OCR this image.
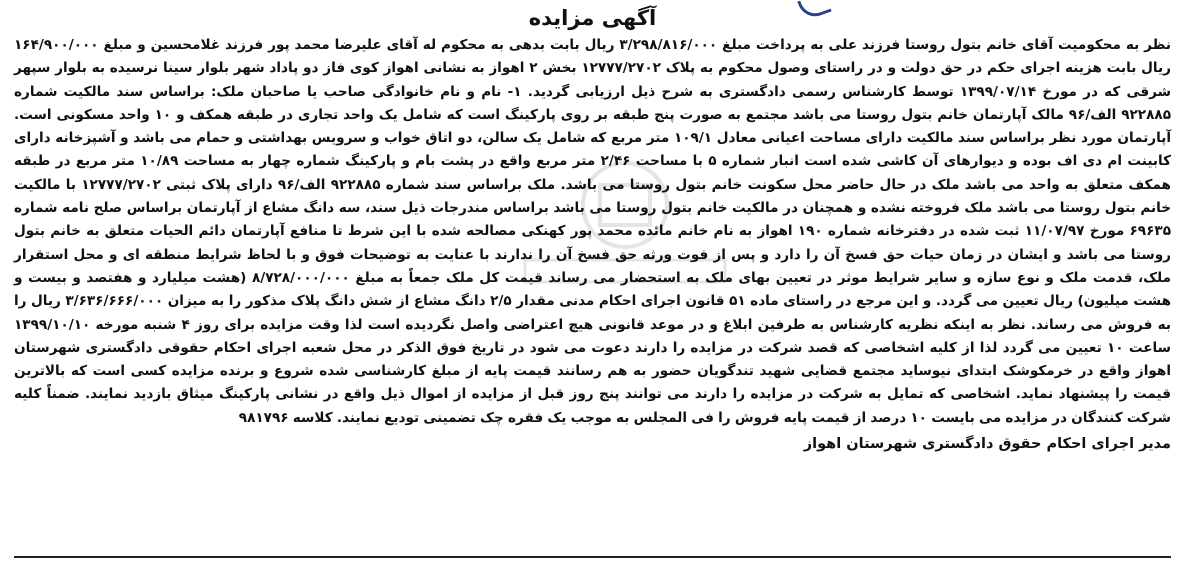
آگهی مزایده
نظر به محکومیت آقای خانم بتول روستا فرزند علی به پرداخت مبلغ ۳/۲۹۸/۸۱۶/۰۰۰ ریال بابت بدهی به محکوم له آقای علیرضا محمد پور فرزند غلامحسین و مبلغ ۱۶۴/۹۰۰/۰۰۰ ریال بابت هزینه اجرای حکم در حق دولت و در راستای وصول محکوم به پلاک ۱۲۷۷۷/۲۷۰۲ بخش ۲ اهواز به نشانی اهواز کوی فاز دو پاداد شهر بلوار سینا نرسیده به بلوار سپهر شرقی که در مورخ ۱۳۹۹/۰۷/۱۴ توسط کارشناس رسمی دادگستری به شرح ذیل ارزیابی گردید. ۱- نام و نام خانوادگی صاحب یا صاحبان ملک: براساس سند مالکیت شماره ۹۲۲۸۸۵ الف/۹۶ مالک آپارتمان خانم بتول روستا می باشد مجتمع به صورت پنج طبقه بر روی پارکینگ است که شامل یک واحد تجاری در طبقه همکف و ۱۰ واحد مسکونی است. آپارتمان مورد نظر براساس سند مالکیت دارای مساحت اعیانی معادل ۱۰۹/۱ متر مربع که شامل یک سالن، دو اتاق خواب و سرویس بهداشتی و حمام می باشد و آشپزخانه دارای کابینت ام دی اف بوده و دیوارهای آن کاشی شده است انبار شماره ۵ با مساحت ۲/۴۶ متر مربع واقع در پشت بام و پارکینگ شماره چهار به مساحت ۱۰/۸۹ متر مربع در طبقه همکف متعلق به واحد می باشد ملک در حال حاضر محل سکونت خانم بتول روستا می باشد. ملک براساس سند شماره ۹۲۲۸۸۵ الف/۹۶ دارای پلاک ثبتی ۱۲۷۷۷/۲۷۰۲ با مالکیت خانم بتول روستا می باشد ملک فروخته نشده و همچنان در مالکیت خانم بتول روستا می باشد براساس مندرجات ذیل سند، سه دانگ مشاع از آپارتمان براساس صلح نامه شماره ۶۹۶۳۵ مورخ ۱۱/۰۷/۹۷ ثبت شده در دفترخانه شماره ۱۹۰ اهواز به نام خانم مائده محمد پور کهنکی مصالحه شده با این شرط تا منافع آپارتمان دائم الحیات متعلق به خانم بتول روستا می باشد و ایشان در زمان حیات حق فسخ آن را دارد و پس از فوت ورثه حق فسخ آن را ندارند با عنایت به توضیحات فوق و با لحاظ شرایط منطقه ای و محل استقرار ملک، قدمت ملک و نوع سازه و سایر شرایط موثر در تعیین بهای ملک به استحضار می رساند قیمت کل ملک جمعاً به مبلغ ۸/۷۲۸/۰۰۰/۰۰۰ (هشت میلیارد و هفتصد و بیست و هشت میلیون) ریال تعیین می گردد. و این مرجع در راستای ماده ۵۱ قانون اجرای احکام مدنی مقدار ۲/۵ دانگ مشاع از شش دانگ پلاک مذکور را به میزان ۳/۶۳۶/۶۶۶/۰۰۰ ریال را به فروش می رساند. نظر به اینکه نظریه کارشناس به طرفین ابلاغ و در موعد قانونی هیچ اعتراضی واصل نگردیده است لذا وقت مزایده برای روز ۴ شنبه مورخه ۱۳۹۹/۱۰/۱۰ ساعت ۱۰ تعیین می گردد لذا از کلیه اشخاصی که قصد شرکت در مزایده را دارند دعوت می شود در تاریخ فوق الذکر در محل شعبه اجرای احکام حقوقی دادگستری شهرستان اهواز واقع در خرمکوشک ابتدای نیوساید مجتمع قضایی شهید تندگویان حضور به هم رسانند قیمت پایه از مبلغ کارشناسی شده شروع و برنده مزایده کسی است که بالاترین قیمت را پیشنهاد نماید. اشخاصی که تمایل به شرکت در مزایده را دارند می توانند پنج روز قبل از مزایده از اموال ذیل واقع در نشانی پارکینگ میثاق بازدید نمایند. ضمناً کلیه شرکت کنندگان در مزایده می بایست ۱۰ درصد از قیمت پایه فروش را فی المجلس به موجب یک فقره چک تضمینی تودیع نمایند. کلاسه ۹۸۱۷۹۶
مدیر اجرای احکام حقوق دادگستری شهرستان اهواز
